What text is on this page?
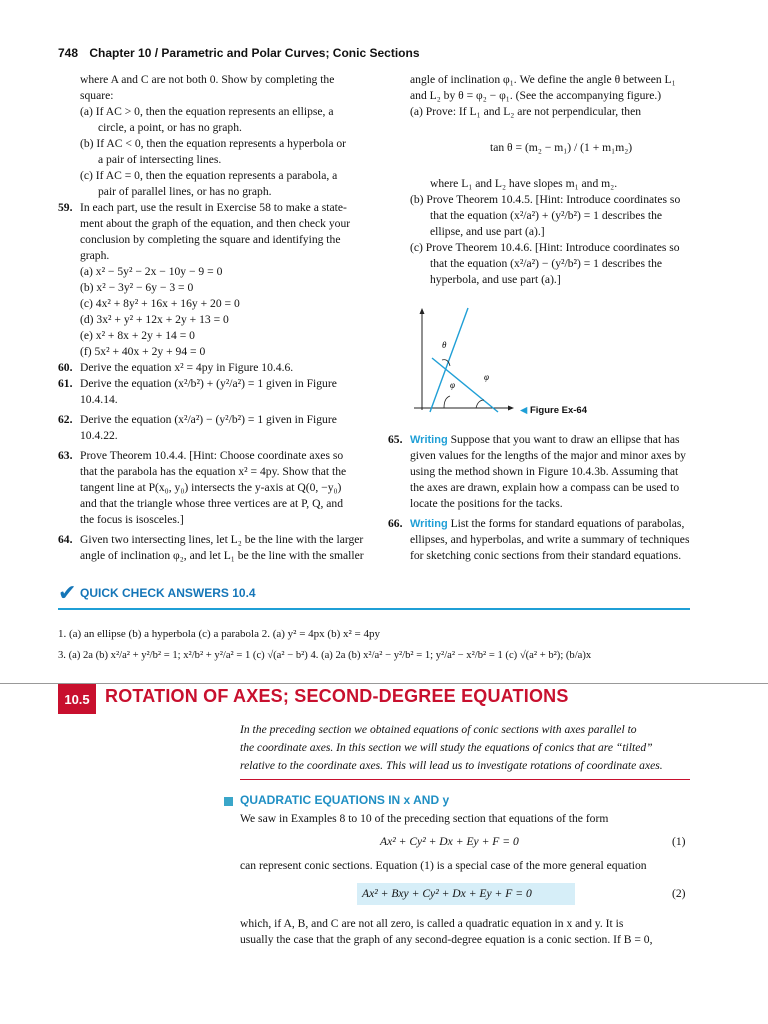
748 Chapter 10 / Parametric and Polar Curves; Conic Sections
where A and C are not both 0. Show by completing the
square:
(a) If AC > 0, then the equation represents an ellipse, a
circle, a point, or has no graph.
(b) If AC < 0, then the equation represents a hyperbola or
a pair of intersecting lines.
(c) If AC = 0, then the equation represents a parabola, a
pair of parallel lines, or has no graph.
59. In each part, use the result in Exercise 58 to make a state-
ment about the graph of the equation, and then check your
conclusion by completing the square and identifying the
graph.
(a) x² − 5y² − 2x − 10y − 9 = 0
(b) x² − 3y² − 6y − 3 = 0
(c) 4x² + 8y² + 16x + 16y + 20 = 0
(d) 3x² + y² + 12x + 2y + 13 = 0
(e) x² + 8x + 2y + 14 = 0
(f) 5x² + 40x + 2y + 94 = 0
60. Derive the equation x² = 4py in Figure 10.4.6.
61. Derive the equation (x²/b²) + (y²/a²) = 1 given in Figure
10.4.14.
62. Derive the equation (x²/a²) − (y²/b²) = 1 given in Figure
10.4.22.
63. Prove Theorem 10.4.4. [Hint: Choose coordinate axes so
that the parabola has the equation x² = 4py. Show that the
tangent line at P(x₀, y₀) intersects the y-axis at Q(0, −y₀)
and that the triangle whose three vertices are at P, Q, and
the focus is isosceles.]
64. Given two intersecting lines, let L₂ be the line with the larger
angle of inclination φ₂, and let L₁ be the line with the smaller
angle of inclination φ₁. We define the angle θ between L₁
and L₂ by θ = φ₂ − φ₁. (See the accompanying figure.)
(a) Prove: If L₁ and L₂ are not perpendicular, then
tan θ = (m₂ − m₁) / (1 + m₁m₂)
where L₁ and L₂ have slopes m₁ and m₂.
(b) Prove Theorem 10.4.5. [Hint: Introduce coordinates so
that the equation (x²/a²) + (y²/b²) = 1 describes the
ellipse, and use part (a).]
(c) Prove Theorem 10.4.6. [Hint: Introduce coordinates so
that the equation (x²/a²) − (y²/b²) = 1 describes the
hyperbola, and use part (a).]
θ
φ
φ
◀ Figure Ex-64
65. Writing Suppose that you want to draw an ellipse that has
given values for the lengths of the major and minor axes by
using the method shown in Figure 10.4.3b. Assuming that
the axes are drawn, explain how a compass can be used to
locate the positions for the tacks.
66. Writing List the forms for standard equations of parabolas,
ellipses, and hyperbolas, and write a summary of techniques
for sketching conic sections from their standard equations.
✔ QUICK CHECK ANSWERS 10.4
1. (a) an ellipse (b) a hyperbola (c) a parabola 2. (a) y² = 4px (b) x² = 4py
3. (a) 2a (b) x²/a² + y²/b² = 1; x²/b² + y²/a² = 1 (c) √(a² − b²) 4. (a) 2a (b) x²/a² − y²/b² = 1; y²/a² − x²/b² = 1 (c) √(a² + b²); (b/a)x
10.5 ROTATION OF AXES; SECOND-DEGREE EQUATIONS
In the preceding section we obtained equations of conic sections with axes parallel to
the coordinate axes. In this section we will study the equations of conics that are “tilted”
relative to the coordinate axes. This will lead us to investigate rotations of coordinate axes.
QUADRATIC EQUATIONS IN x AND y
We saw in Examples 8 to 10 of the preceding section that equations of the form
Ax² + Cy² + Dx + Ey + F = 0	(1)
can represent conic sections. Equation (1) is a special case of the more general equation
Ax² + Bxy + Cy² + Dx + Ey + F = 0	(2)
which, if A, B, and C are not all zero, is called a quadratic equation in x and y. It is
usually the case that the graph of any second-degree equation is a conic section. If B = 0,
